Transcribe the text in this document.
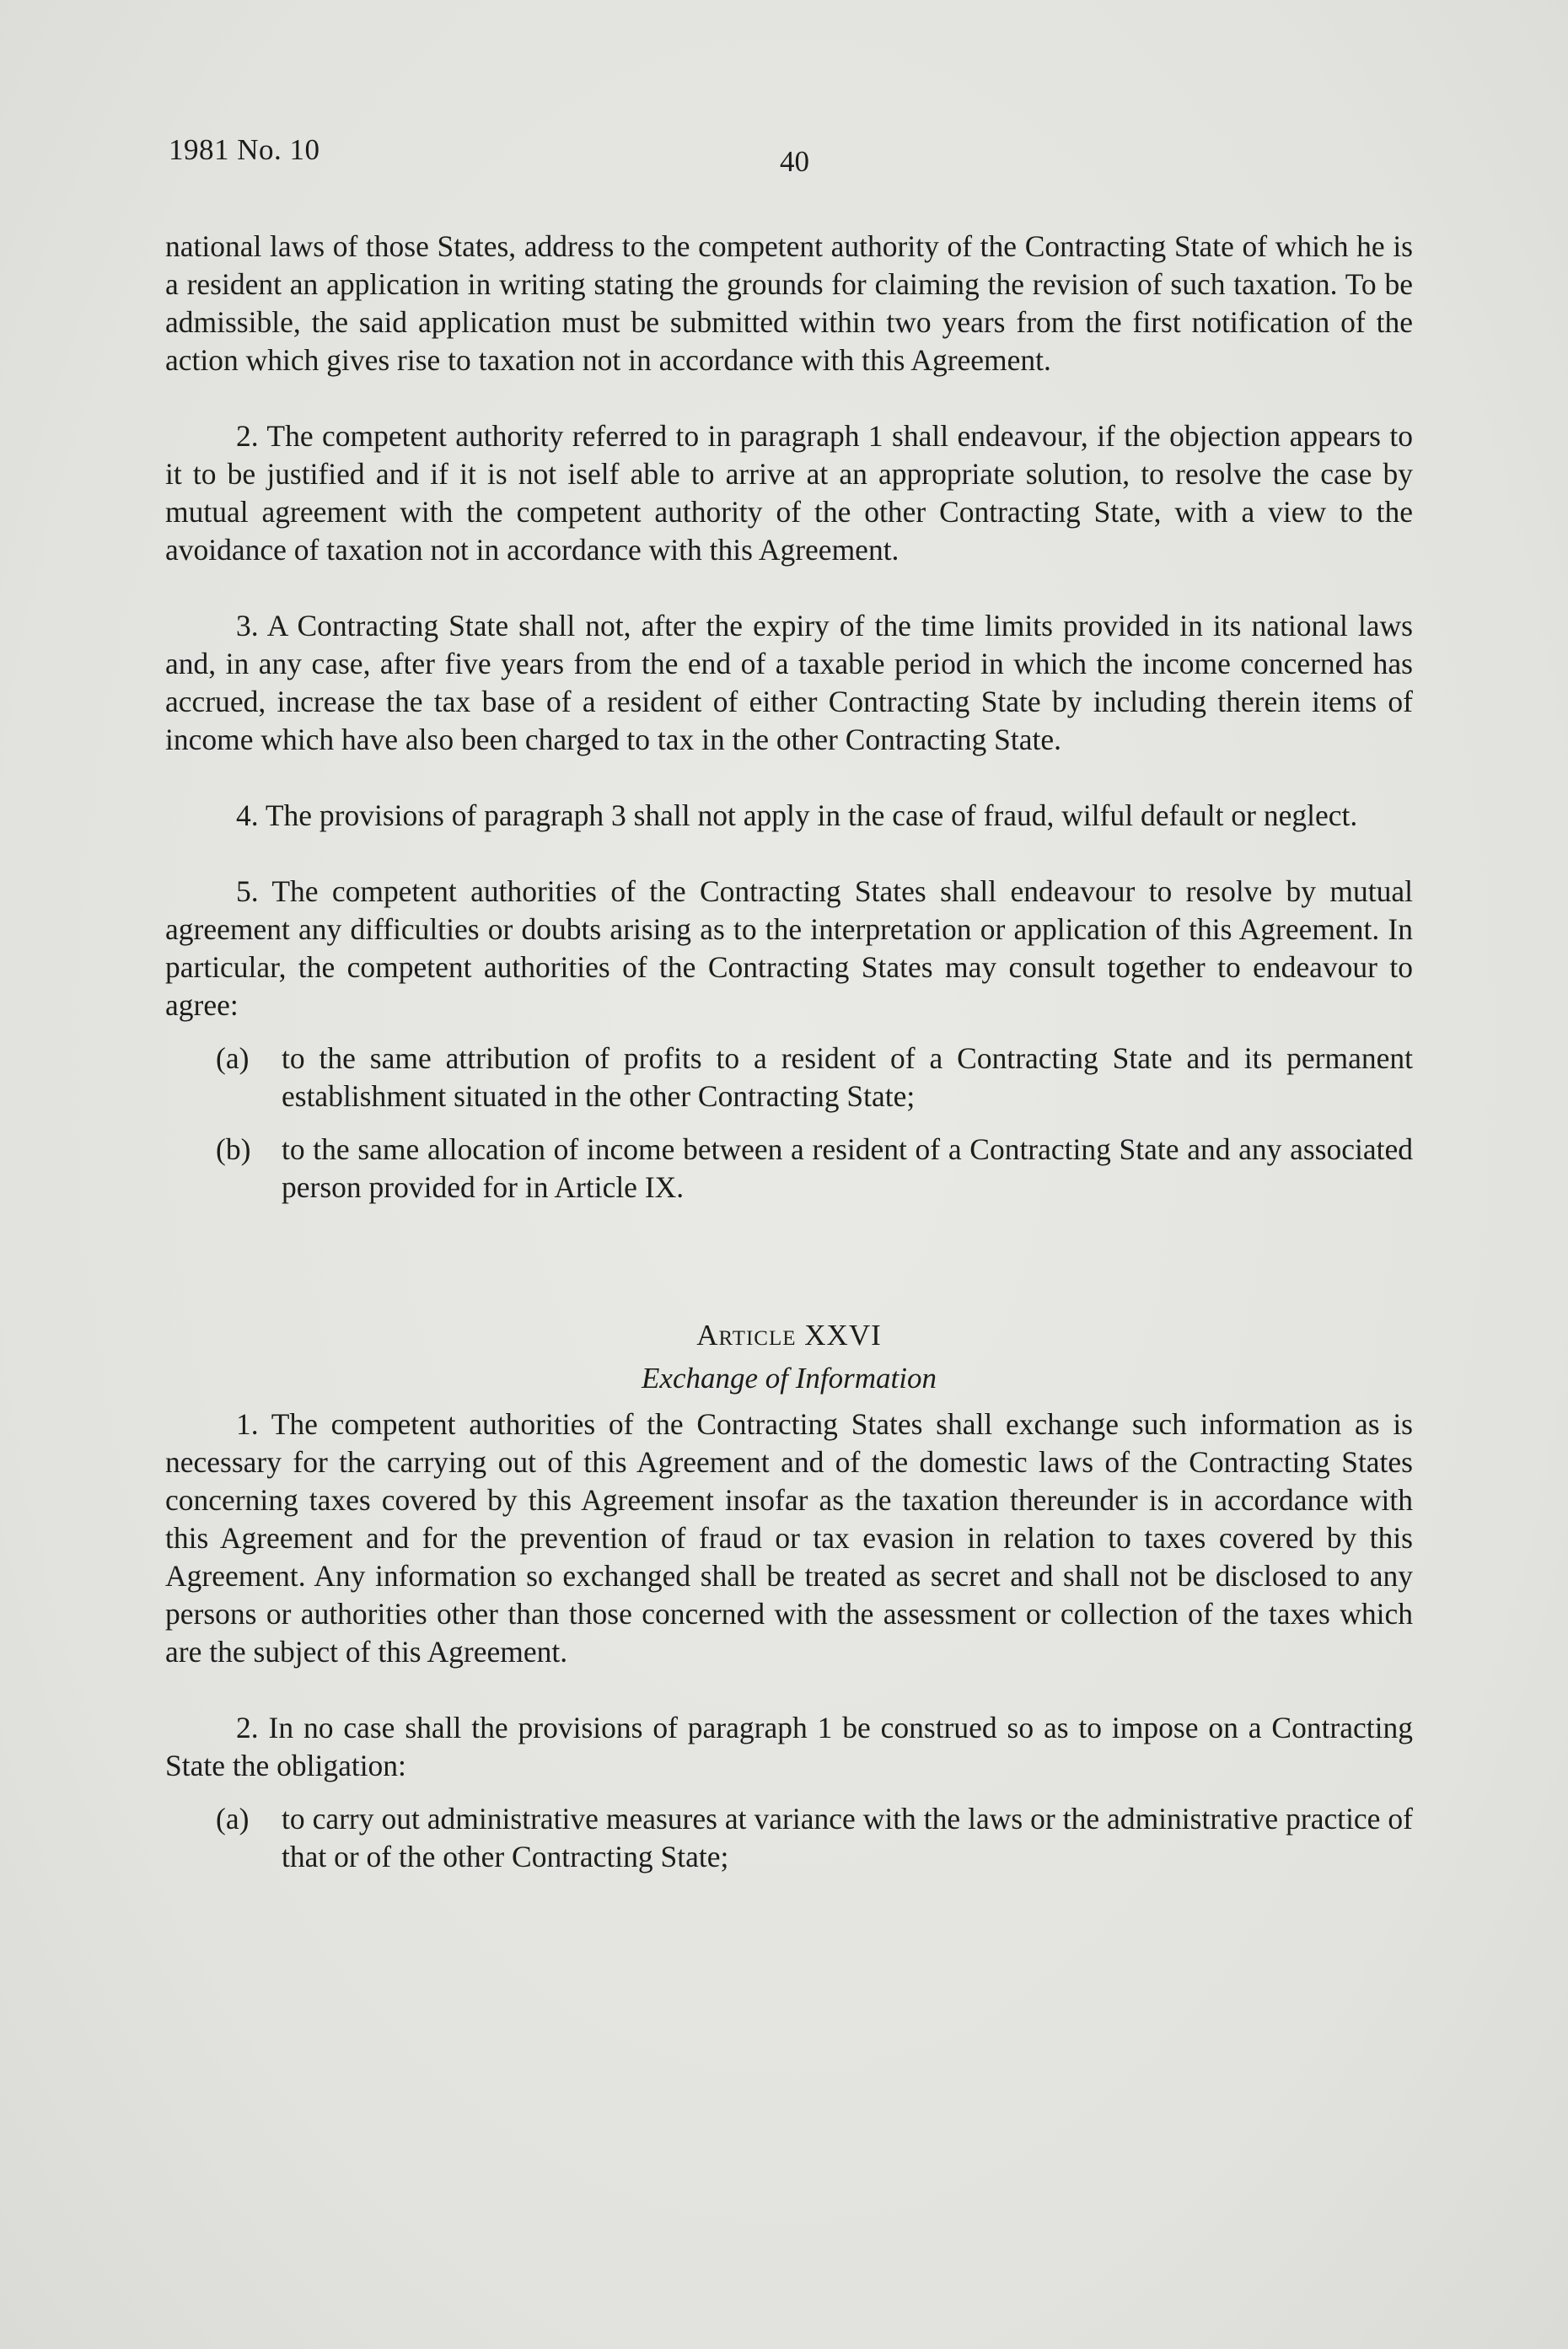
1981 No. 10	40

national laws of those States, address to the competent authority of the Contracting State of which he is a resident an application in writing stating the grounds for claiming the revision of such taxation. To be admissible, the said application must be submitted within two years from the first notification of the action which gives rise to taxation not in accordance with this Agreement.

2. The competent authority referred to in paragraph 1 shall endeavour, if the objection appears to it to be justified and if it is not iself able to arrive at an appropriate solution, to resolve the case by mutual agreement with the competent authority of the other Contracting State, with a view to the avoidance of taxation not in accordance with this Agreement.

3. A Contracting State shall not, after the expiry of the time limits provided in its national laws and, in any case, after five years from the end of a taxable period in which the income concerned has accrued, increase the tax base of a resident of either Contracting State by including therein items of income which have also been charged to tax in the other Contracting State.

4. The provisions of paragraph 3 shall not apply in the case of fraud, wilful default or neglect.

5. The competent authorities of the Contracting States shall endeavour to resolve by mutual agreement any difficulties or doubts arising as to the interpretation or application of this Agreement. In particular, the competent authorities of the Contracting States may consult together to endeavour to agree:

(a)	to the same attribution of profits to a resident of a Contracting State and its permanent establishment situated in the other Contracting State;
(b)	to the same allocation of income between a resident of a Contracting State and any associated person provided for in Article IX.
Article XXVI
Exchange of Information

1. The competent authorities of the Contracting States shall exchange such information as is necessary for the carrying out of this Agreement and of the domestic laws of the Contracting States concerning taxes covered by this Agreement insofar as the taxation thereunder is in accordance with this Agreement and for the prevention of fraud or tax evasion in relation to taxes covered by this Agreement. Any information so exchanged shall be treated as secret and shall not be disclosed to any persons or authorities other than those concerned with the assessment or collection of the taxes which are the subject of this Agreement.

2. In no case shall the provisions of paragraph 1 be construed so as to impose on a Contracting State the obligation:

(a)	to carry out administrative measures at variance with the laws or the administrative practice of that or of the other Contracting State;
